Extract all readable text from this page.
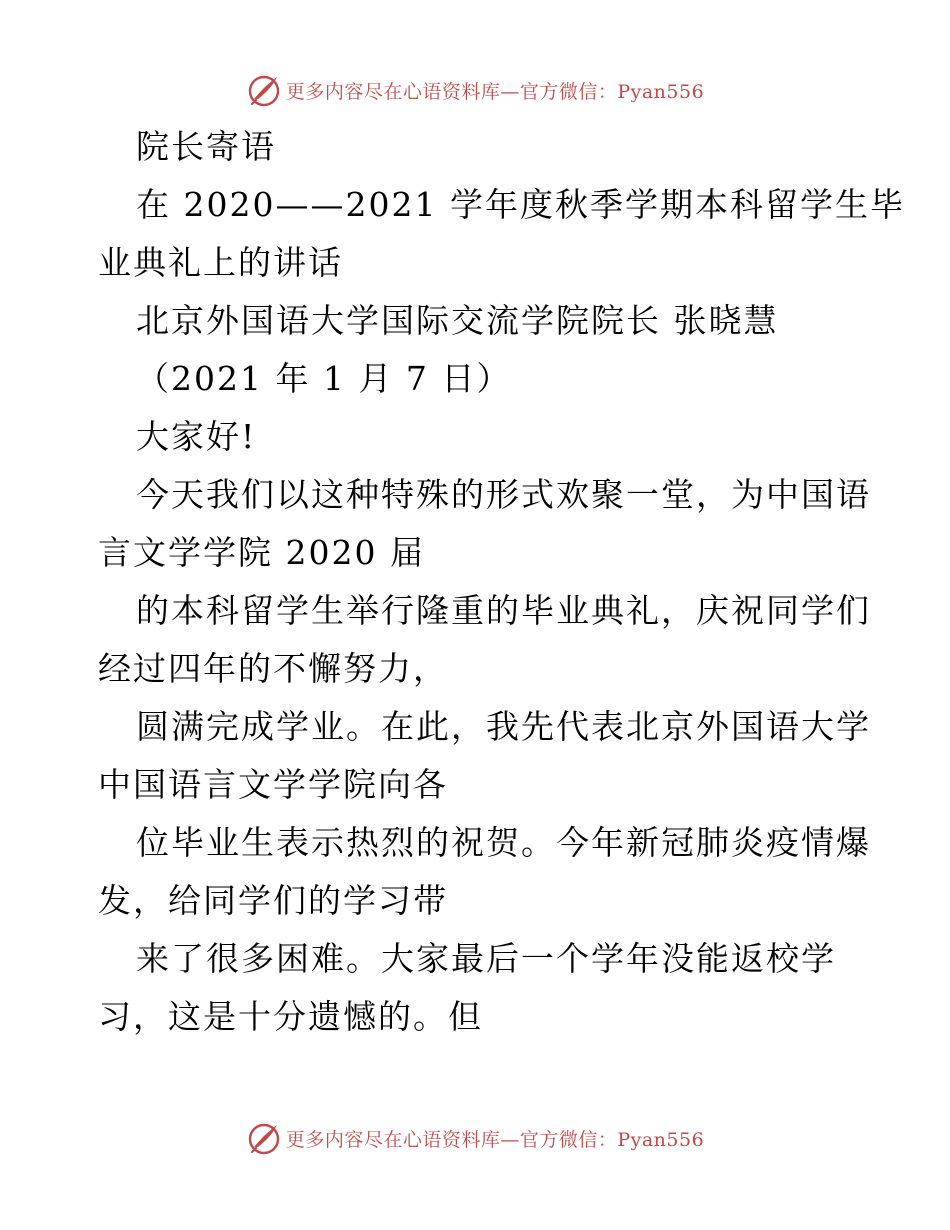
更多内容尽在心语资料库—官方微信：Pyan556
院长寄语
在 2020——2021 学年度秋季学期本科留学生毕
业典礼上的讲话
北京外国语大学国际交流学院院长 张晓慧
（2021 年 1 月 7 日）
大家好!
今天我们以这种特殊的形式欢聚一堂，为中国语
言文学学院 2020 届
的本科留学生举行隆重的毕业典礼，庆祝同学们
经过四年的不懈努力，
圆满完成学业。在此，我先代表北京外国语大学
中国语言文学学院向各
位毕业生表示热烈的祝贺。今年新冠肺炎疫情爆
发，给同学们的学习带
来了很多困难。大家最后一个学年没能返校学
习，这是十分遗憾的。但
更多内容尽在心语资料库—官方微信：Pyan556
